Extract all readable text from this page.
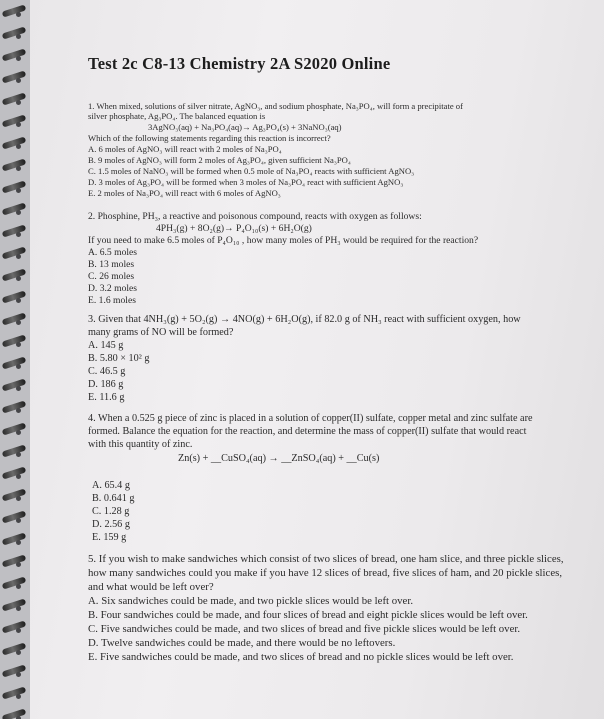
Test 2c C8-13 Chemistry 2A S2020 Online
1. When mixed, solutions of silver nitrate, AgNO₃, and sodium phosphate, Na₃PO₄, will form a precipitate of
silver phosphate, Ag₃PO₄. The balanced equation is
3AgNO₃(aq) + Na₃PO₄(aq)→ Ag₃PO₄(s) + 3NaNO₃(aq)
Which of the following statements regarding this reaction is incorrect?
A. 6 moles of AgNO₃ will react with 2 moles of Na₃PO₄
B. 9 moles of AgNO₃ will form 2 moles of Ag₃PO₄, given sufficient Na₃PO₄
C. 1.5 moles of NaNO₃ will be formed when 0.5 mole of Na₃PO₄ reacts with sufficient AgNO₃
D. 3 moles of Ag₃PO₄ will be formed when 3 moles of Na₃PO₄ react with sufficient AgNO₃
E. 2 moles of Na₃PO₄ will react with 6 moles of AgNO₃
2. Phosphine, PH₃, a reactive and poisonous compound, reacts with oxygen as follows:
4PH₃(g) + 8O₂(g)→ P₄O₁₀(s) + 6H₂O(g)
If you need to make 6.5 moles of P₄O₁₀ , how many moles of PH₃ would be required for the reaction?
A. 6.5 moles
B. 13 moles
C. 26 moles
D. 3.2 moles
E. 1.6 moles
3. Given that 4NH₃(g) + 5O₂(g) → 4NO(g) + 6H₂O(g), if 82.0 g of NH₃ react with sufficient oxygen, how
many grams of NO will be formed?
A. 145 g
B. 5.80 × 10² g
C. 46.5 g
D. 186 g
E. 11.6 g
4. When a 0.525 g piece of zinc is placed in a solution of copper(II) sulfate, copper metal and zinc sulfate are
formed. Balance the equation for the reaction, and determine the mass of copper(II) sulfate that would react
with this quantity of zinc.
Zn(s) + __CuSO₄(aq) → __ZnSO₄(aq) + __Cu(s)
A. 65.4 g
B. 0.641 g
C. 1.28 g
D. 2.56 g
E. 159 g
5. If you wish to make sandwiches which consist of two slices of bread, one ham slice, and three pickle slices,
how many sandwiches could you make if you have 12 slices of bread, five slices of ham, and 20 pickle slices,
and what would be left over?
A. Six sandwiches could be made, and two pickle slices would be left over.
B. Four sandwiches could be made, and four slices of bread and eight pickle slices would be left over.
C. Five sandwiches could be made, and two slices of bread and five pickle slices would be left over.
D. Twelve sandwiches could be made, and there would be no leftovers.
E. Five sandwiches could be made, and two slices of bread and no pickle slices would be left over.
